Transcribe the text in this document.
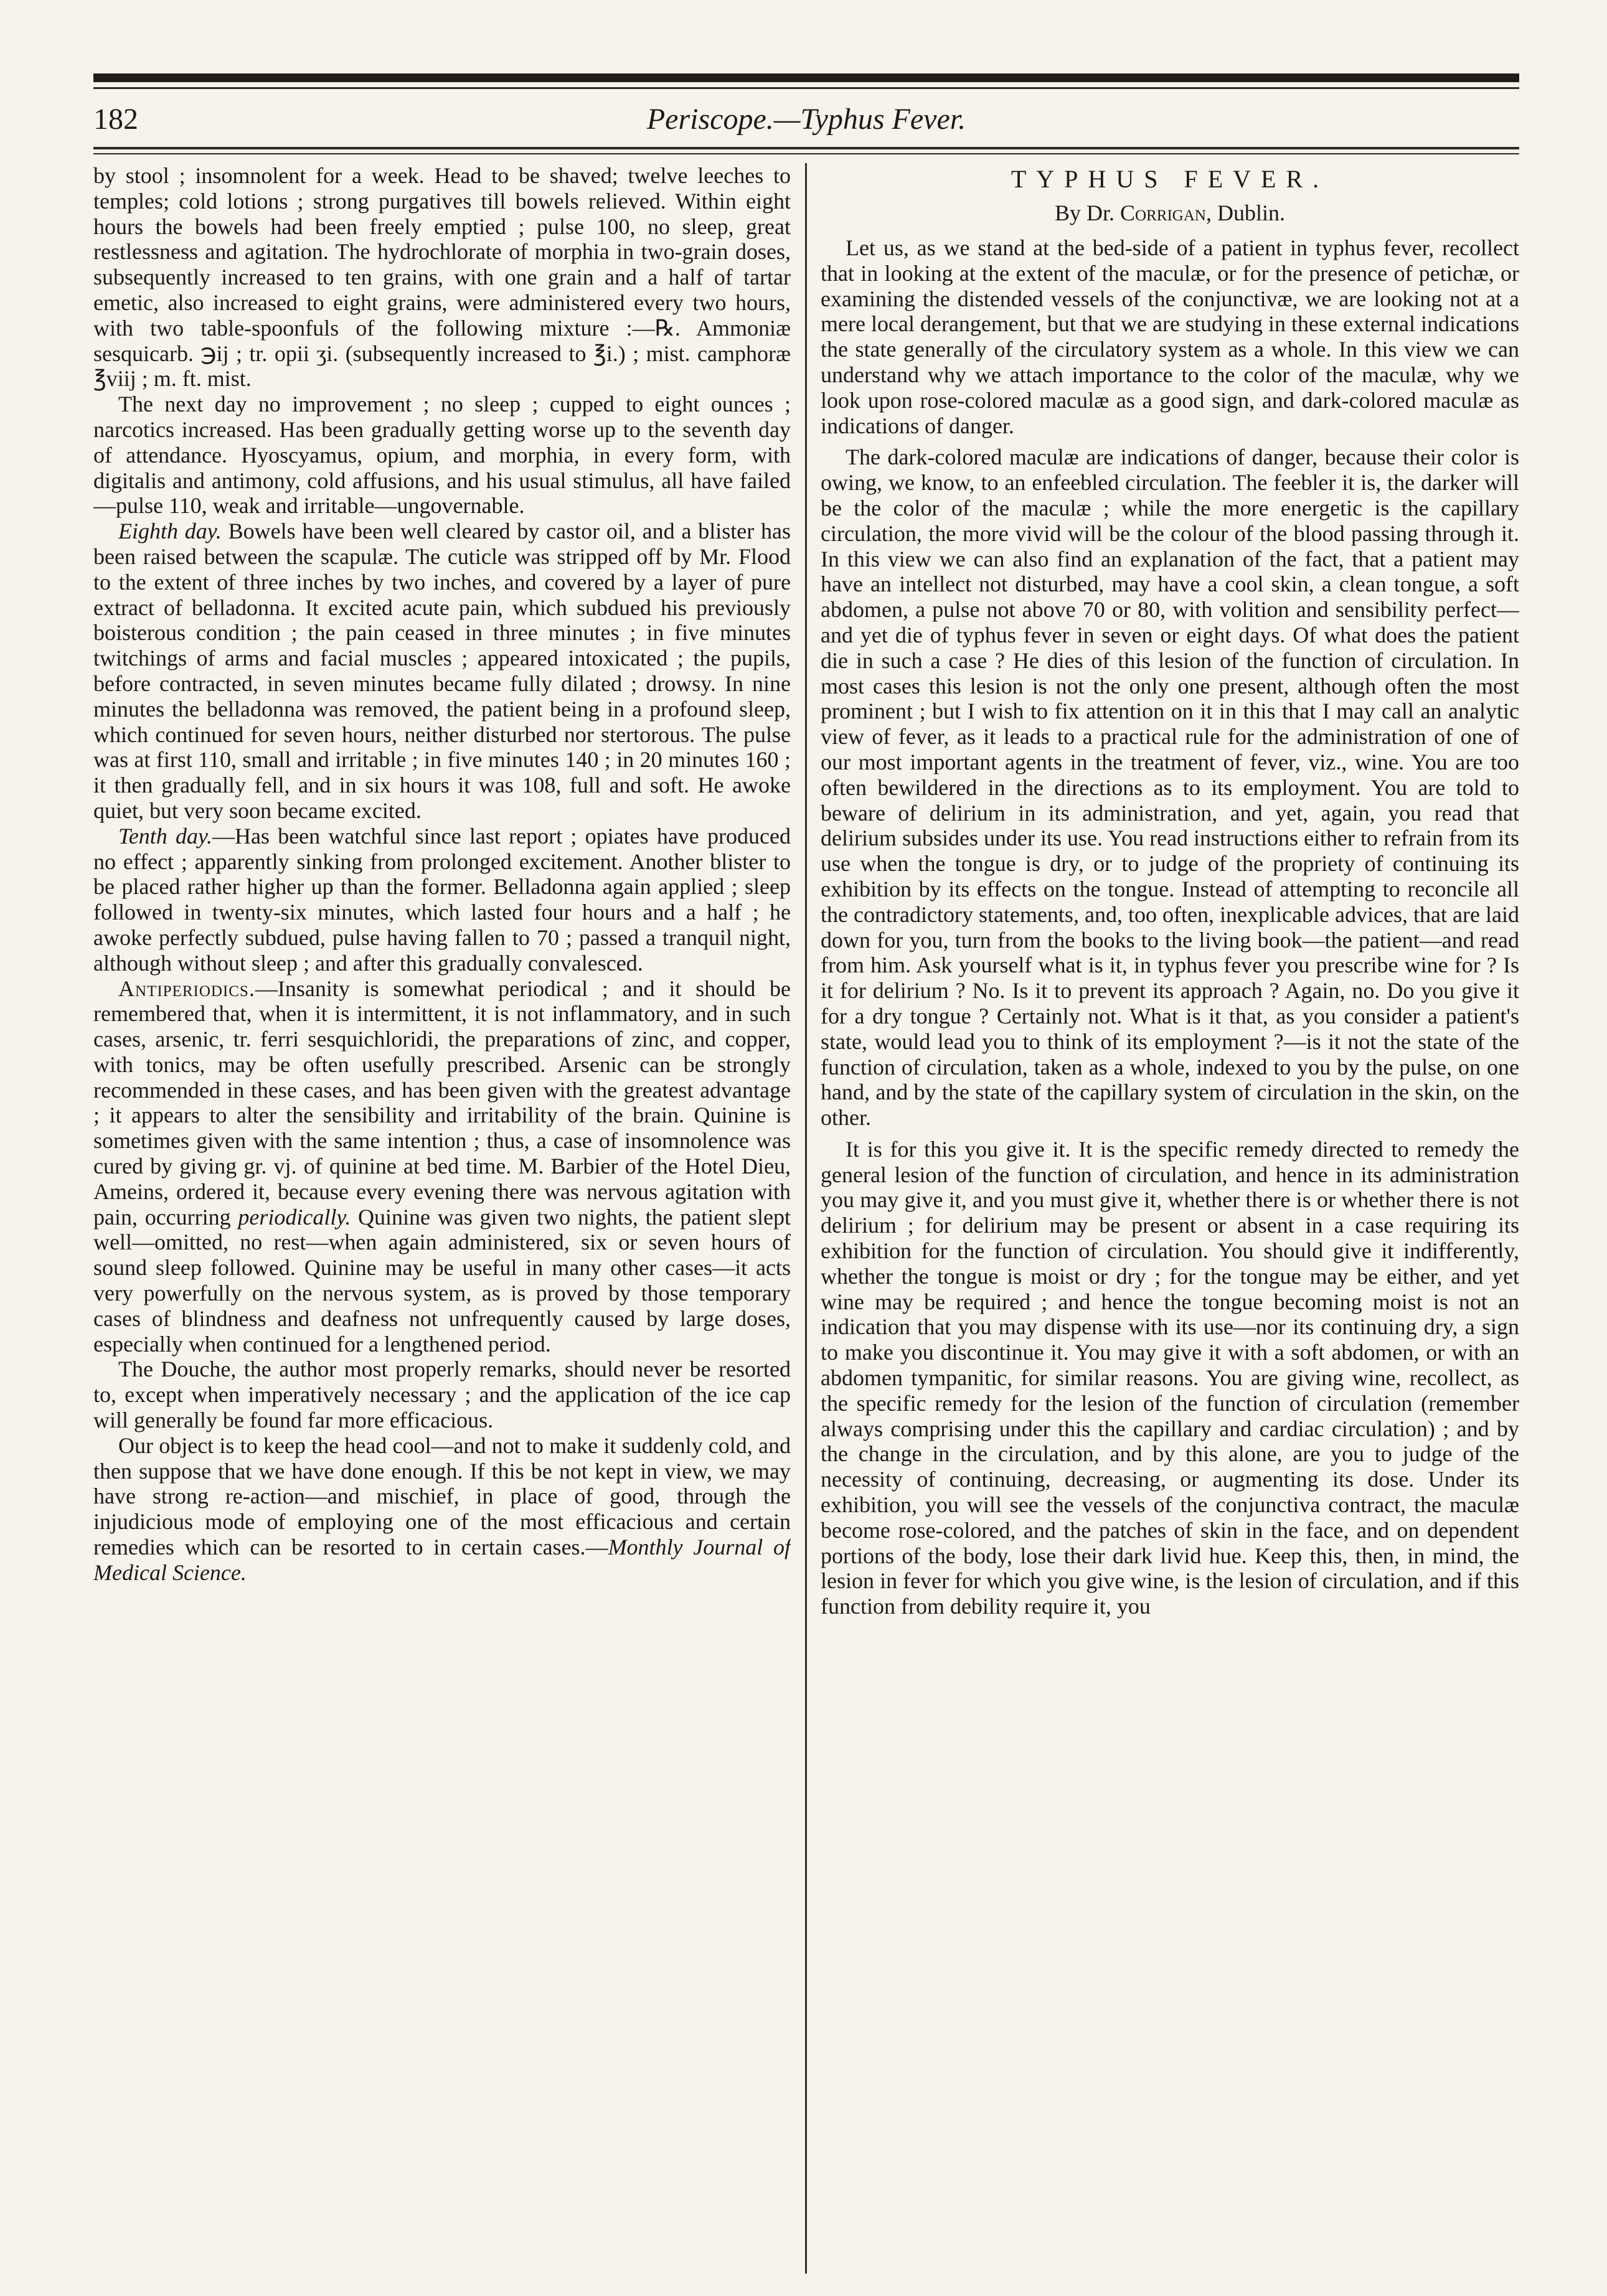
182	Periscope.—Typhus Fever.

by stool ; insomnolent for a week. Head to be shaved; twelve leeches to temples; cold lotions ; strong purgatives till bowels relieved. Within eight hours the bowels had been freely emptied ; pulse 100, no sleep, great restlessness and agitation. The hydrochlorate of morphia in two-grain doses, subsequently increased to ten grains, with one grain and a half of tartar emetic, also increased to eight grains, were administered every two hours, with two table-spoonfuls of the following mixture :—℞. Ammoniæ sesquicarb. ℈ij ; tr. opii ʒi. (subsequently increased to ℥i.) ; mist. camphoræ ℥viij ; m. ft. mist.

The next day no improvement ; no sleep ; cupped to eight ounces ; narcotics increased. Has been gradually getting worse up to the seventh day of attendance. Hyoscyamus, opium, and morphia, in every form, with digitalis and antimony, cold affusions, and his usual stimulus, all have failed—pulse 110, weak and irritable—ungovernable.

Eighth day. Bowels have been well cleared by castor oil, and a blister has been raised between the scapulæ. The cuticle was stripped off by Mr. Flood to the extent of three inches by two inches, and covered by a layer of pure extract of belladonna. It excited acute pain, which subdued his previously boisterous condition ; the pain ceased in three minutes ; in five minutes twitchings of arms and facial muscles ; appeared intoxicated ; the pupils, before contracted, in seven minutes became fully dilated ; drowsy. In nine minutes the belladonna was removed, the patient being in a profound sleep, which continued for seven hours, neither disturbed nor stertorous. The pulse was at first 110, small and irritable ; in five minutes 140 ; in 20 minutes 160 ; it then gradually fell, and in six hours it was 108, full and soft. He awoke quiet, but very soon became excited.

Tenth day.—Has been watchful since last report ; opiates have produced no effect ; apparently sinking from prolonged excitement. Another blister to be placed rather higher up than the former. Belladonna again applied ; sleep followed in twenty-six minutes, which lasted four hours and a half ; he awoke perfectly subdued, pulse having fallen to 70 ; passed a tranquil night, although without sleep ; and after this gradually convalesced.

Antiperiodics.—Insanity is somewhat periodical ; and it should be remembered that, when it is intermittent, it is not inflammatory, and in such cases, arsenic, tr. ferri sesquichloridi, the preparations of zinc, and copper, with tonics, may be often usefully prescribed. Arsenic can be strongly recommended in these cases, and has been given with the greatest advantage ; it appears to alter the sensibility and irritability of the brain. Quinine is sometimes given with the same intention ; thus, a case of insomnolence was cured by giving gr. vj. of quinine at bed time. M. Barbier of the Hotel Dieu, Ameins, ordered it, because every evening there was nervous agitation with pain, occurring periodically. Quinine was given two nights, the patient slept well—omitted, no rest—when again administered, six or seven hours of sound sleep followed. Quinine may be useful in many other cases—it acts very powerfully on the nervous system, as is proved by those temporary cases of blindness and deafness not unfrequently caused by large doses, especially when continued for a lengthened period.

The Douche, the author most properly remarks, should never be resorted to, except when imperatively necessary ; and the application of the ice cap will generally be found far more efficacious.

Our object is to keep the head cool—and not to make it suddenly cold, and then suppose that we have done enough. If this be not kept in view, we may have strong re-action—and mischief, in place of good, through the injudicious mode of employing one of the most efficacious and certain remedies which can be resorted to in certain cases.—Monthly Journal of Medical Science.

TYPHUS FEVER.
By Dr. Corrigan, Dublin.

Let us, as we stand at the bed-side of a patient in typhus fever, recollect that in looking at the extent of the maculæ, or for the presence of petichæ, or examining the distended vessels of the conjunctivæ, we are looking not at a mere local derangement, but that we are studying in these external indications the state generally of the circulatory system as a whole. In this view we can understand why we attach importance to the color of the maculæ, why we look upon rose-colored maculæ as a good sign, and dark-colored maculæ as indications of danger.

The dark-colored maculæ are indications of danger, because their color is owing, we know, to an enfeebled circulation. The feebler it is, the darker will be the color of the maculæ ; while the more energetic is the capillary circulation, the more vivid will be the colour of the blood passing through it. In this view we can also find an explanation of the fact, that a patient may have an intellect not disturbed, may have a cool skin, a clean tongue, a soft abdomen, a pulse not above 70 or 80, with volition and sensibility perfect—and yet die of typhus fever in seven or eight days. Of what does the patient die in such a case ? He dies of this lesion of the function of circulation. In most cases this lesion is not the only one present, although often the most prominent ; but I wish to fix attention on it in this that I may call an analytic view of fever, as it leads to a practical rule for the administration of one of our most important agents in the treatment of fever, viz., wine. You are too often bewildered in the directions as to its employment. You are told to beware of delirium in its administration, and yet, again, you read that delirium subsides under its use. You read instructions either to refrain from its use when the tongue is dry, or to judge of the propriety of continuing its exhibition by its effects on the tongue. Instead of attempting to reconcile all the contradictory statements, and, too often, inexplicable advices, that are laid down for you, turn from the books to the living book—the patient—and read from him. Ask yourself what is it, in typhus fever you prescribe wine for ? Is it for delirium ? No. Is it to prevent its approach ? Again, no. Do you give it for a dry tongue ? Certainly not. What is it that, as you consider a patient's state, would lead you to think of its employment ?—is it not the state of the function of circulation, taken as a whole, indexed to you by the pulse, on one hand, and by the state of the capillary system of circulation in the skin, on the other.

It is for this you give it. It is the specific remedy directed to remedy the general lesion of the function of circulation, and hence in its administration you may give it, and you must give it, whether there is or whether there is not delirium ; for delirium may be present or absent in a case requiring its exhibition for the function of circulation. You should give it indifferently, whether the tongue is moist or dry ; for the tongue may be either, and yet wine may be required ; and hence the tongue becoming moist is not an indication that you may dispense with its use—nor its continuing dry, a sign to make you discontinue it. You may give it with a soft abdomen, or with an abdomen tympanitic, for similar reasons. You are giving wine, recollect, as the specific remedy for the lesion of the function of circulation (remember always comprising under this the capillary and cardiac circulation) ; and by the change in the circulation, and by this alone, are you to judge of the necessity of continuing, decreasing, or augmenting its dose. Under its exhibition, you will see the vessels of the conjunctiva contract, the maculæ become rose-colored, and the patches of skin in the face, and on dependent portions of the body, lose their dark livid hue. Keep this, then, in mind, the lesion in fever for which you give wine, is the lesion of circulation, and if this function from debility require it, you
